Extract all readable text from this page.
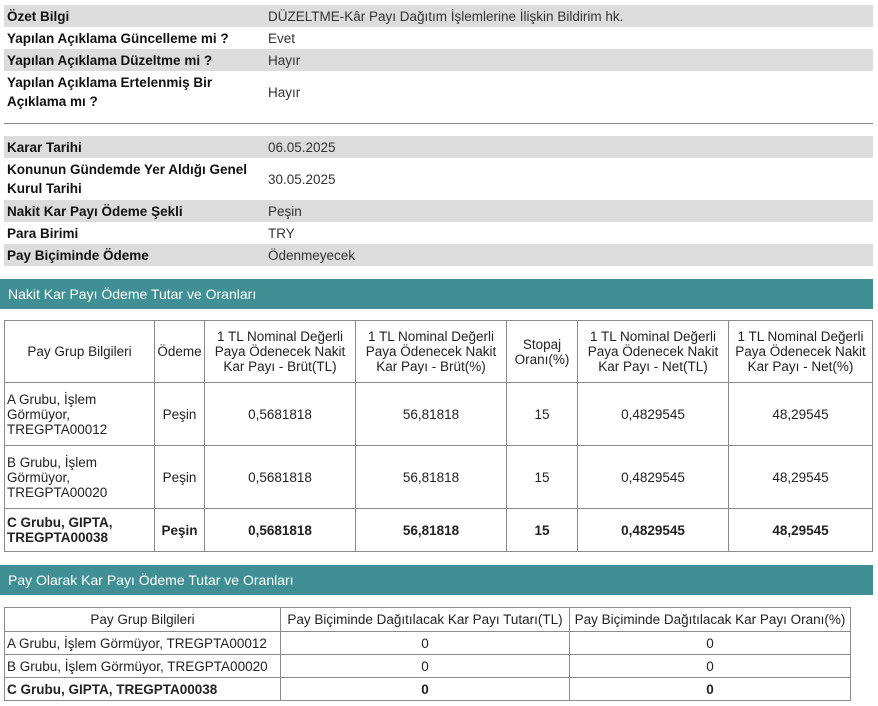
Özet Bilgi	DÜZELTME-Kâr Payı Dağıtım İşlemlerine İlişkin Bildirim hk.
Yapılan Açıklama Güncelleme mi ?	Evet
Yapılan Açıklama Düzeltme mi ?	Hayır
Yapılan Açıklama Ertelenmiş Bir Açıklama mı ?	Hayır
Karar Tarihi	06.05.2025
Konunun Gündemde Yer Aldığı Genel Kurul Tarihi	30.05.2025
Nakit Kar Payı Ödeme Şekli	Peşin
Para Birimi	TRY
Pay Biçiminde Ödeme	Ödenmeyecek
Nakit Kar Payı Ödeme Tutar ve Oranları
Pay Grup Bilgileri	Ödeme	1 TL Nominal Değerli Paya Ödenecek Nakit Kar Payı - Brüt(TL)	1 TL Nominal Değerli Paya Ödenecek Nakit Kar Payı - Brüt(%)	Stopaj Oranı(%)	1 TL Nominal Değerli Paya Ödenecek Nakit Kar Payı - Net(TL)	1 TL Nominal Değerli Paya Ödenecek Nakit Kar Payı - Net(%)
A Grubu, İşlem Görmüyor, TREGPTA00012	Peşin	0,5681818	56,81818	15	0,4829545	48,29545
B Grubu, İşlem Görmüyor, TREGPTA00020	Peşin	0,5681818	56,81818	15	0,4829545	48,29545
C Grubu, GIPTA, TREGPTA00038	Peşin	0,5681818	56,81818	15	0,4829545	48,29545
Pay Olarak Kar Payı Ödeme Tutar ve Oranları
Pay Grup Bilgileri	Pay Biçiminde Dağıtılacak Kar Payı Tutarı(TL)	Pay Biçiminde Dağıtılacak Kar Payı Oranı(%)
A Grubu, İşlem Görmüyor, TREGPTA00012	0	0
B Grubu, İşlem Görmüyor, TREGPTA00020	0	0
C Grubu, GIPTA, TREGPTA00038	0	0
